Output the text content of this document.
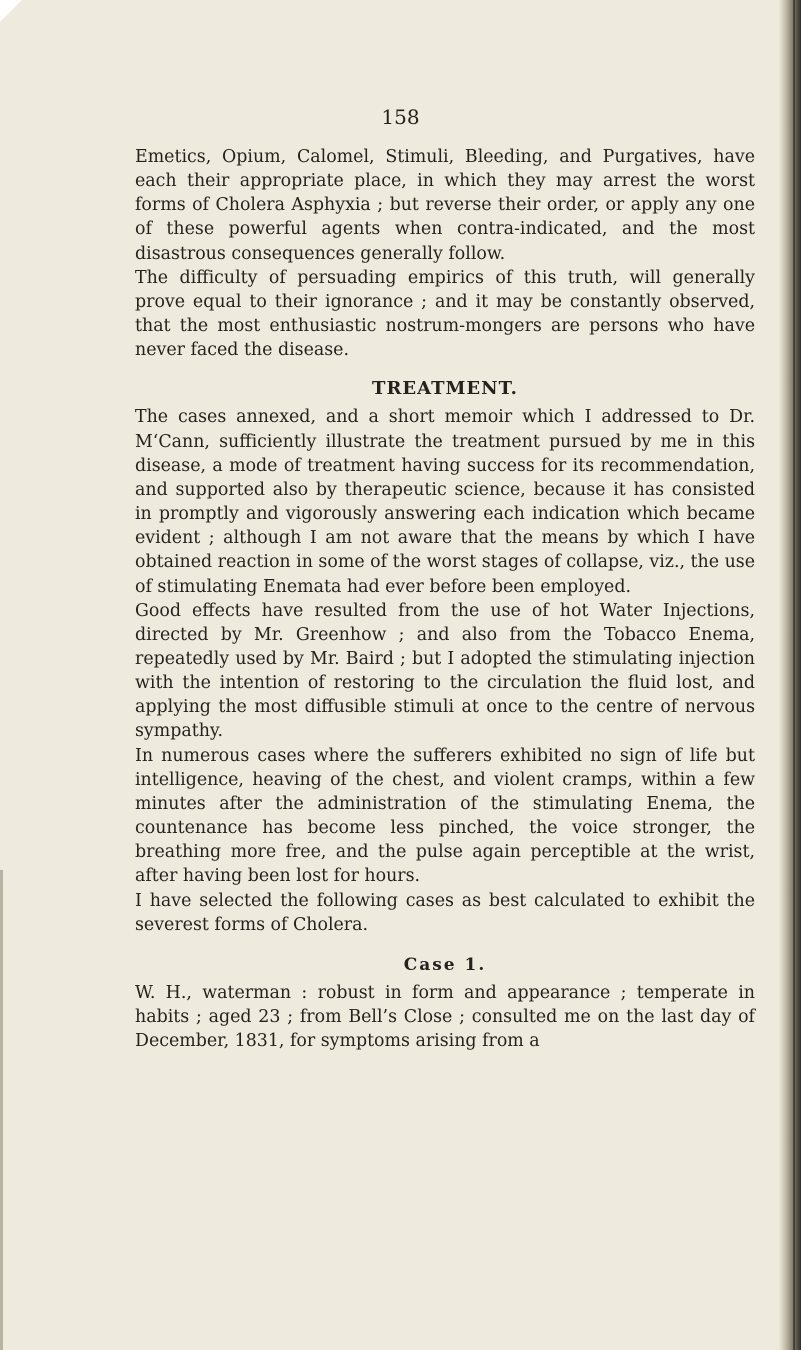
158

Emetics, Opium, Calomel, Stimuli, Bleeding, and Purgatives, have each their appropriate place, in which they may arrest the worst forms of Cholera Asphyxia ; but reverse their order, or apply any one of these powerful agents when contra-indicated, and the most disastrous consequences generally follow.

The difficulty of persuading empirics of this truth, will generally prove equal to their ignorance ; and it may be constantly observed, that the most enthusiastic nostrum-mongers are persons who have never faced the disease.

TREATMENT.

The cases annexed, and a short memoir which I addressed to Dr. M‘Cann, sufficiently illustrate the treatment pursued by me in this disease, a mode of treatment having success for its recommendation, and supported also by therapeutic science, because it has consisted in promptly and vigorously answering each indication which became evident ; although I am not aware that the means by which I have obtained reaction in some of the worst stages of collapse, viz., the use of stimulating Enemata had ever before been employed.

Good effects have resulted from the use of hot Water Injections, directed by Mr. Greenhow ; and also from the Tobacco Enema, repeatedly used by Mr. Baird ; but I adopted the stimulating injection with the intention of restoring to the circulation the fluid lost, and applying the most diffusible stimuli at once to the centre of nervous sympathy.

In numerous cases where the sufferers exhibited no sign of life but intelligence, heaving of the chest, and violent cramps, within a few minutes after the administration of the stimulating Enema, the countenance has become less pinched, the voice stronger, the breathing more free, and the pulse again perceptible at the wrist, after having been lost for hours.

I have selected the following cases as best calculated to exhibit the severest forms of Cholera.

Case 1.

W. H., waterman : robust in form and appearance ; temperate in habits ; aged 23 ; from Bell’s Close ; consulted me on the last day of December, 1831, for symptoms arising from a
